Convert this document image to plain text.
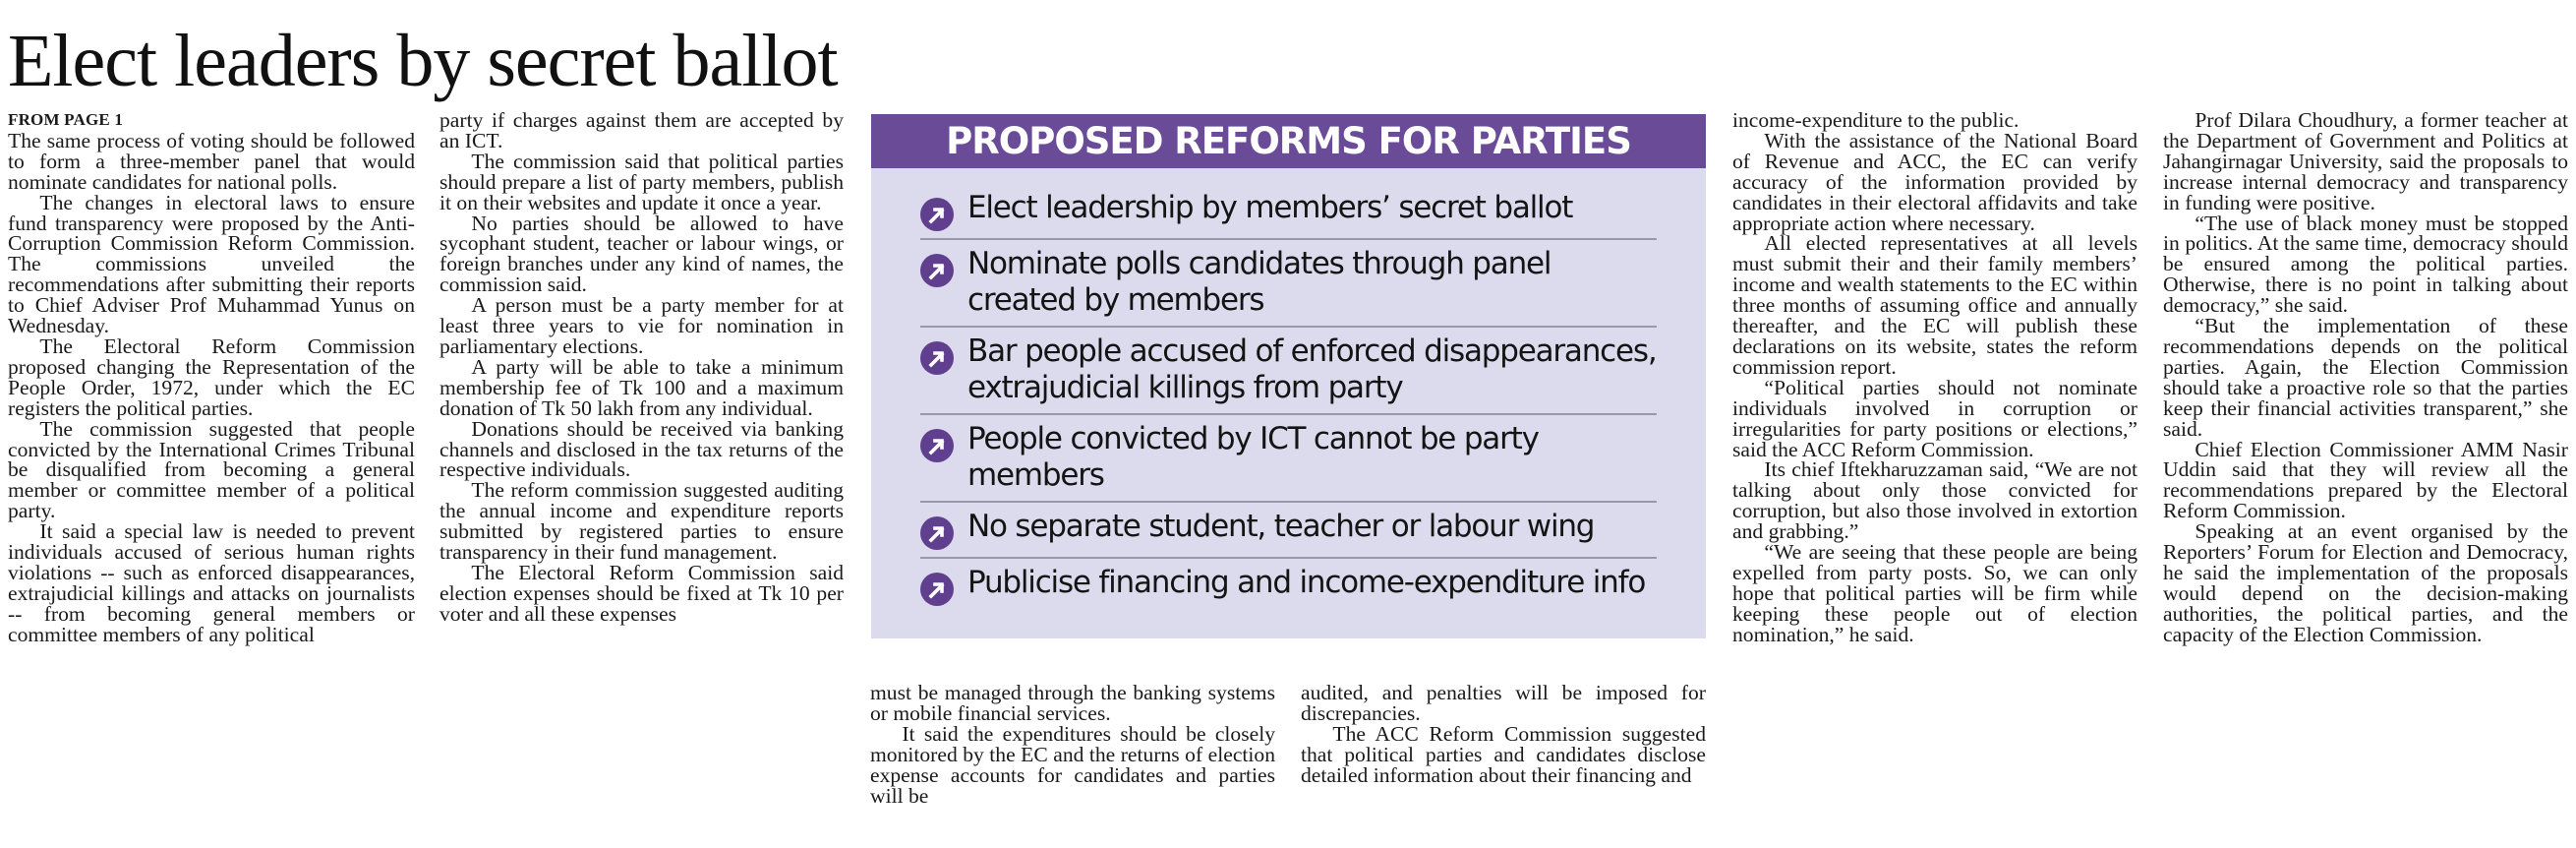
Elect leaders by secret ballot

FROM PAGE 1
The same process of voting should be followed to form a three-member panel that would nominate candidates for national polls.

The changes in electoral laws to ensure fund transparency were proposed by the Anti-Corruption Commission Reform Commission. The commissions unveiled the recommendations after submitting their reports to Chief Adviser Prof Muhammad Yunus on Wednesday.

The Electoral Reform Commission proposed changing the Representation of the People Order, 1972, under which the EC registers the political parties.

The commission suggested that people convicted by the International Crimes Tribunal be disqualified from becoming a general member or committee member of a political party.

It said a special law is needed to prevent individuals accused of serious human rights violations -- such as enforced disappearances, extrajudicial killings and attacks on journalists -- from becoming general members or committee members of any political

party if charges against them are accepted by an ICT.

The commission said that political parties should prepare a list of party members, publish it on their websites and update it once a year.

No parties should be allowed to have sycophant student, teacher or labour wings, or foreign branches under any kind of names, the commission said.

A person must be a party member for at least three years to vie for nomination in parliamentary elections.

A party will be able to take a minimum membership fee of Tk 100 and a maximum donation of Tk 50 lakh from any individual.

Donations should be received via banking channels and disclosed in the tax returns of the respective individuals.

The reform commission suggested auditing the annual income and expenditure reports submitted by registered parties to ensure transparency in their fund management.

The Electoral Reform Commission said election expenses should be fixed at Tk 10 per voter and all these expenses

PROPOSED REFORMS FOR PARTIES
Elect leadership by members’ secret ballot
Nominate polls candidates through panel created by members
Bar people accused of enforced disappearances, extrajudicial killings from party
People convicted by ICT cannot be party members
No separate student, teacher or labour wing
Publicise financing and income-expenditure info

must be managed through the banking systems or mobile financial services.

It said the expenditures should be closely monitored by the EC and the returns of election expense accounts for candidates and parties will be

audited, and penalties will be imposed for discrepancies.

The ACC Reform Commission suggested that political parties and candidates disclose detailed information about their financing and

income-expenditure to the public.

With the assistance of the National Board of Revenue and ACC, the EC can verify accuracy of the information provided by candidates in their electoral affidavits and take appropriate action where necessary.

All elected representatives at all levels must submit their and their family members’ income and wealth statements to the EC within three months of assuming office and annually thereafter, and the EC will publish these declarations on its website, states the reform commission report.

“Political parties should not nominate individuals involved in corruption or irregularities for party positions or elections,” said the ACC Reform Commission.

Its chief Iftekharuzzaman said, “We are not talking about only those convicted for corruption, but also those involved in extortion and grabbing.”

“We are seeing that these people are being expelled from party posts. So, we can only hope that political parties will be firm while keeping these people out of election nomination,” he said.

Prof Dilara Choudhury, a former teacher at the Department of Government and Politics at Jahangirnagar University, said the proposals to increase internal democracy and transparency in funding were positive.

“The use of black money must be stopped in politics. At the same time, democracy should be ensured among the political parties. Otherwise, there is no point in talking about democracy,” she said.

“But the implementation of these recommendations depends on the political parties. Again, the Election Commission should take a proactive role so that the parties keep their financial activities transparent,” she said.

Chief Election Commissioner AMM Nasir Uddin said that they will review all the recommendations prepared by the Electoral Reform Commission.

Speaking at an event organised by the Reporters’ Forum for Election and Democracy, he said the implementation of the proposals would depend on the decision-making authorities, the political parties, and the capacity of the Election Commission.
